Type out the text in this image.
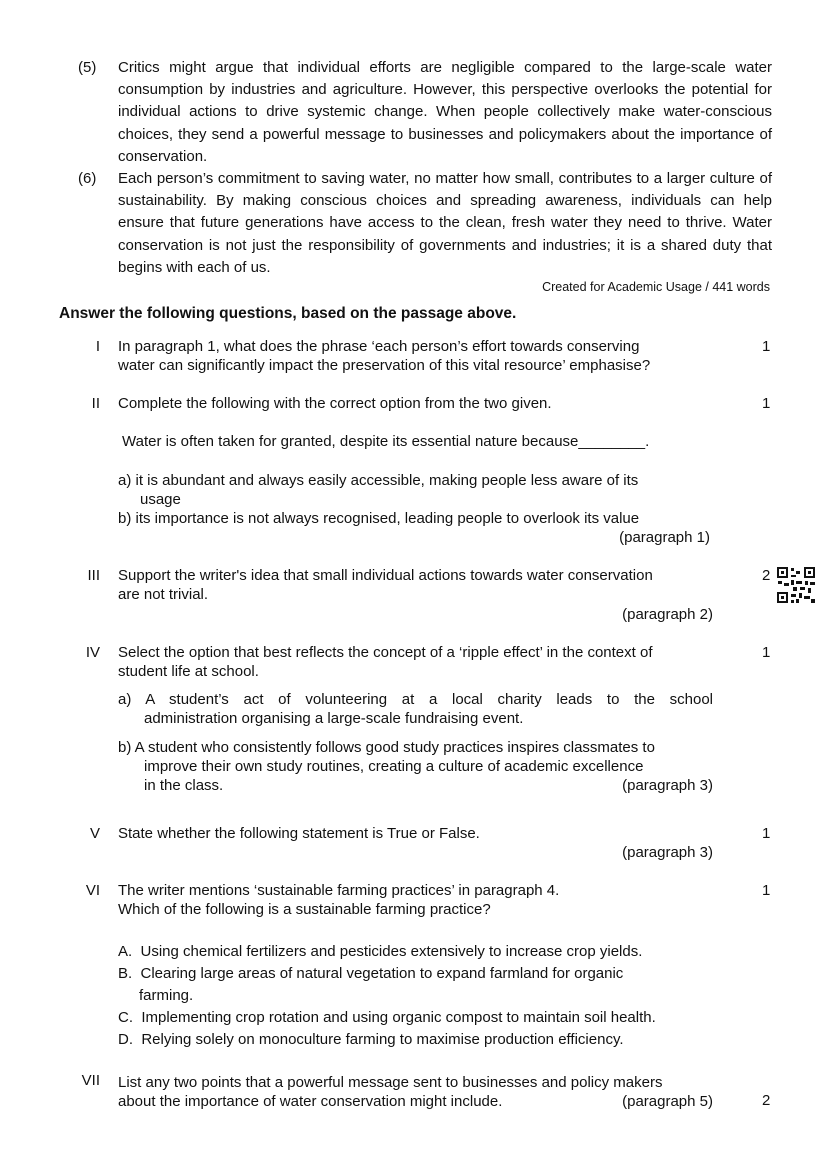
(5) Critics might argue that individual efforts are negligible compared to the large-scale water consumption by industries and agriculture. However, this perspective overlooks the potential for individual actions to drive systemic change. When people collectively make water-conscious choices, they send a powerful message to businesses and policymakers about the importance of conservation.
(6) Each person’s commitment to saving water, no matter how small, contributes to a larger culture of sustainability. By making conscious choices and spreading awareness, individuals can help ensure that future generations have access to the clean, fresh water they need to thrive. Water conservation is not just the responsibility of governments and industries; it is a shared duty that begins with each of us.
Created for Academic Usage / 441 words
Answer the following questions, based on the passage above.
I In paragraph 1, what does the phrase ‘each person’s effort towards conserving
water can significantly impact the preservation of this vital resource’ emphasise?
1
II Complete the following with the correct option from the two given.	1
Water is often taken for granted, despite its essential nature because________.
a) it is abundant and always easily accessible, making people less aware of its
usage
b) its importance is not always recognised, leading people to overlook its value
(paragraph 1)
III Support the writer's idea that small individual actions towards water conservation
are not trivial.
2
(paragraph 2)
IV Select the option that best reflects the concept of a ‘ripple effect’ in the context of
student life at school.
1
a) A student’s act of volunteering at a local charity leads to the school
administration organising a large-scale fundraising event.
b) A student who consistently follows good study practices inspires classmates to
improve their own study routines, creating a culture of academic excellence
in the class.	(paragraph 3)
V State whether the following statement is True or False.	1
(paragraph 3)
VI The writer mentions ‘sustainable farming practices’ in paragraph 4.
Which of the following is a sustainable farming practice?
1
A.  Using chemical fertilizers and pesticides extensively to increase crop yields.
B.  Clearing large areas of natural vegetation to expand farmland for organic
farming.
C.  Implementing crop rotation and using organic compost to maintain soil health.
D.  Relying solely on monoculture farming to maximise production efficiency.
VII List any two points that a powerful message sent to businesses and policy makers
about the importance of water conservation might include.	(paragraph 5)	2
